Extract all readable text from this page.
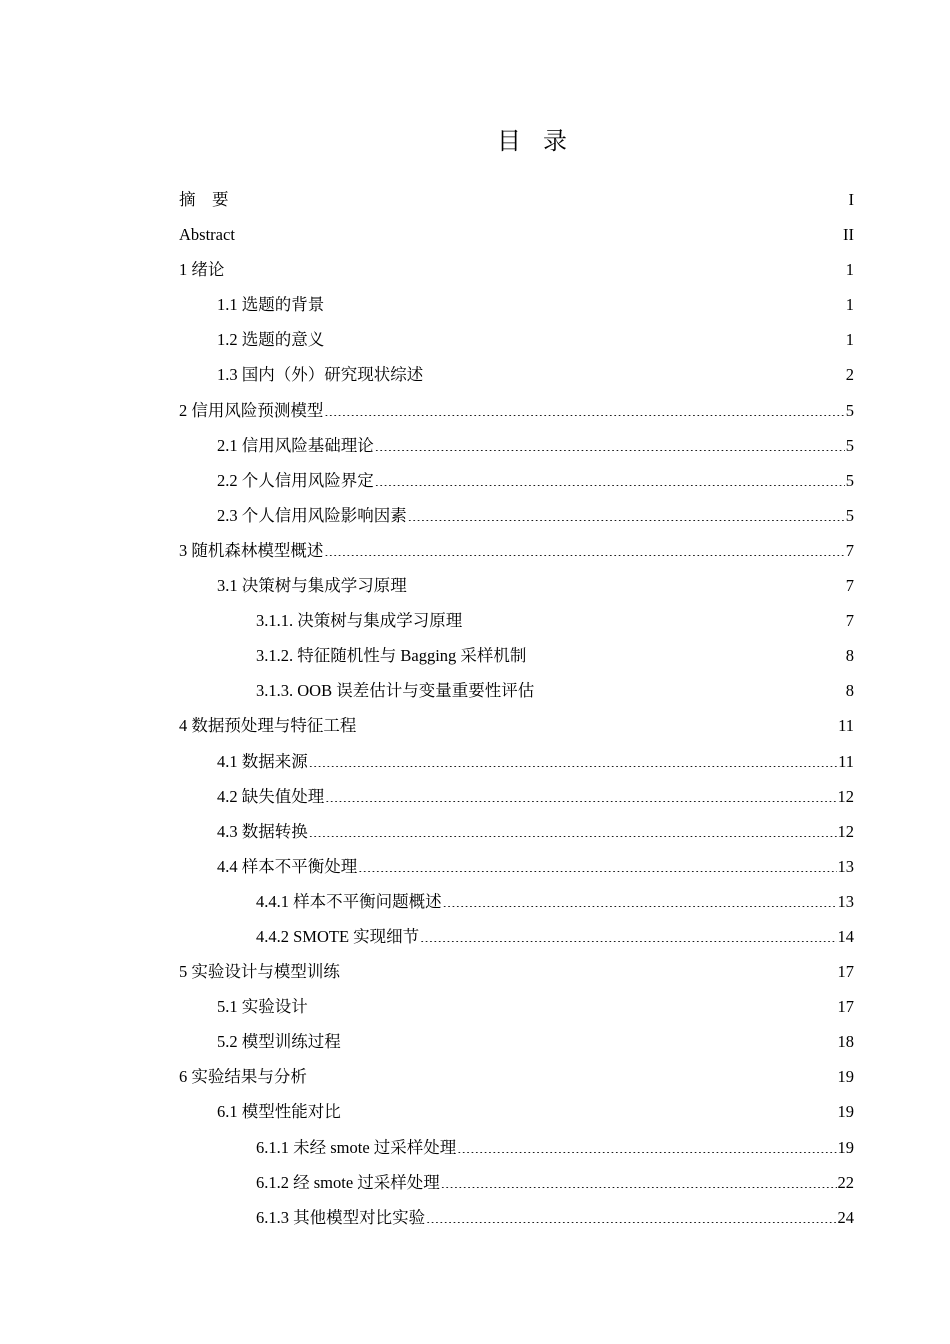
目录
摘    要 .....	I
Abstract .....	II
1 绪论 .....	1
1.1 选题的背景 .....	1
1.2 选题的意义 .....	1
1.3 国内（外）研究现状综述 .....	2
2 信用风险预测模型 .....	5
2.1 信用风险基础理论 .....	5
2.2 个人信用风险界定 .....	5
2.3 个人信用风险影响因素 .....	5
3 随机森林模型概述 .....	7
3.1 决策树与集成学习原理 .....	7
3.1.1. 决策树与集成学习原理 .....	7
3.1.2. 特征随机性与 Bagging 采样机制 .....	8
3.1.3. OOB 误差估计与变量重要性评估 .....	8
4 数据预处理与特征工程 .....	11
4.1 数据来源 .....	11
4.2 缺失值处理 .....	12
4.3 数据转换 .....	12
4.4 样本不平衡处理 .....	13
4.4.1 样本不平衡问题概述 .....	13
4.4.2 SMOTE 实现细节 .....	14
5 实验设计与模型训练 .....	17
5.1 实验设计 .....	17
5.2 模型训练过程 .....	18
6 实验结果与分析 .....	19
6.1 模型性能对比 .....	19
6.1.1 未经 smote 过采样处理 .....	19
6.1.2 经 smote 过采样处理 .....	22
6.1.3 其他模型对比实验 .....	24
